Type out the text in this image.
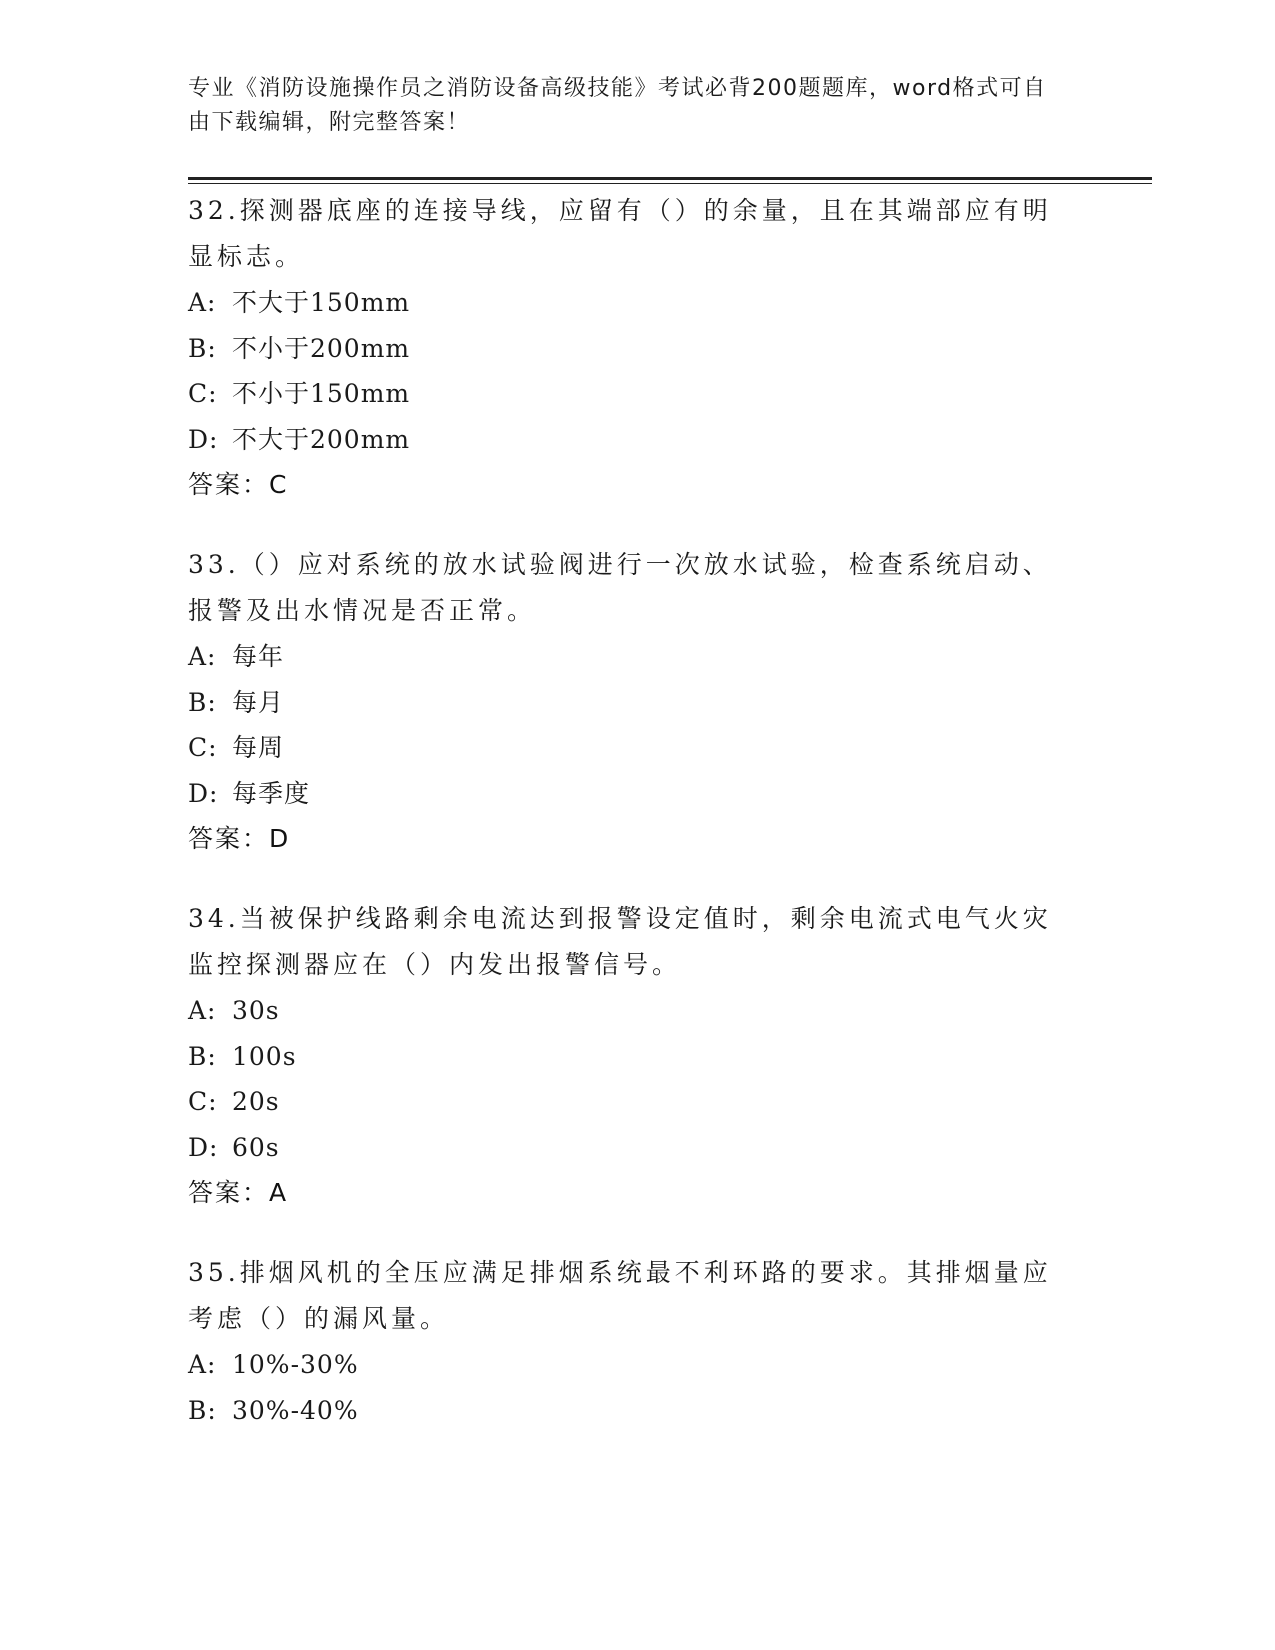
专业《消防设施操作员之消防设备高级技能》考试必背200题题库，word格式可自由下载编辑，附完整答案！

32.探测器底座的连接导线，应留有（）的余量，且在其端部应有明显标志。

A: 不大于150mm
B: 不小于200mm
C: 不小于150mm
D: 不大于200mm
答案：C

33.（）应对系统的放水试验阀进行一次放水试验，检查系统启动、报警及出水情况是否正常。

A: 每年
B: 每月
C: 每周
D: 每季度
答案：D

34.当被保护线路剩余电流达到报警设定值时，剩余电流式电气火灾监控探测器应在（）内发出报警信号。

A: 30s
B: 100s
C: 20s
D: 60s
答案：A

35.排烟风机的全压应满足排烟系统最不利环路的要求。其排烟量应考虑（）的漏风量。

A: 10%-30%
B: 30%-40%
